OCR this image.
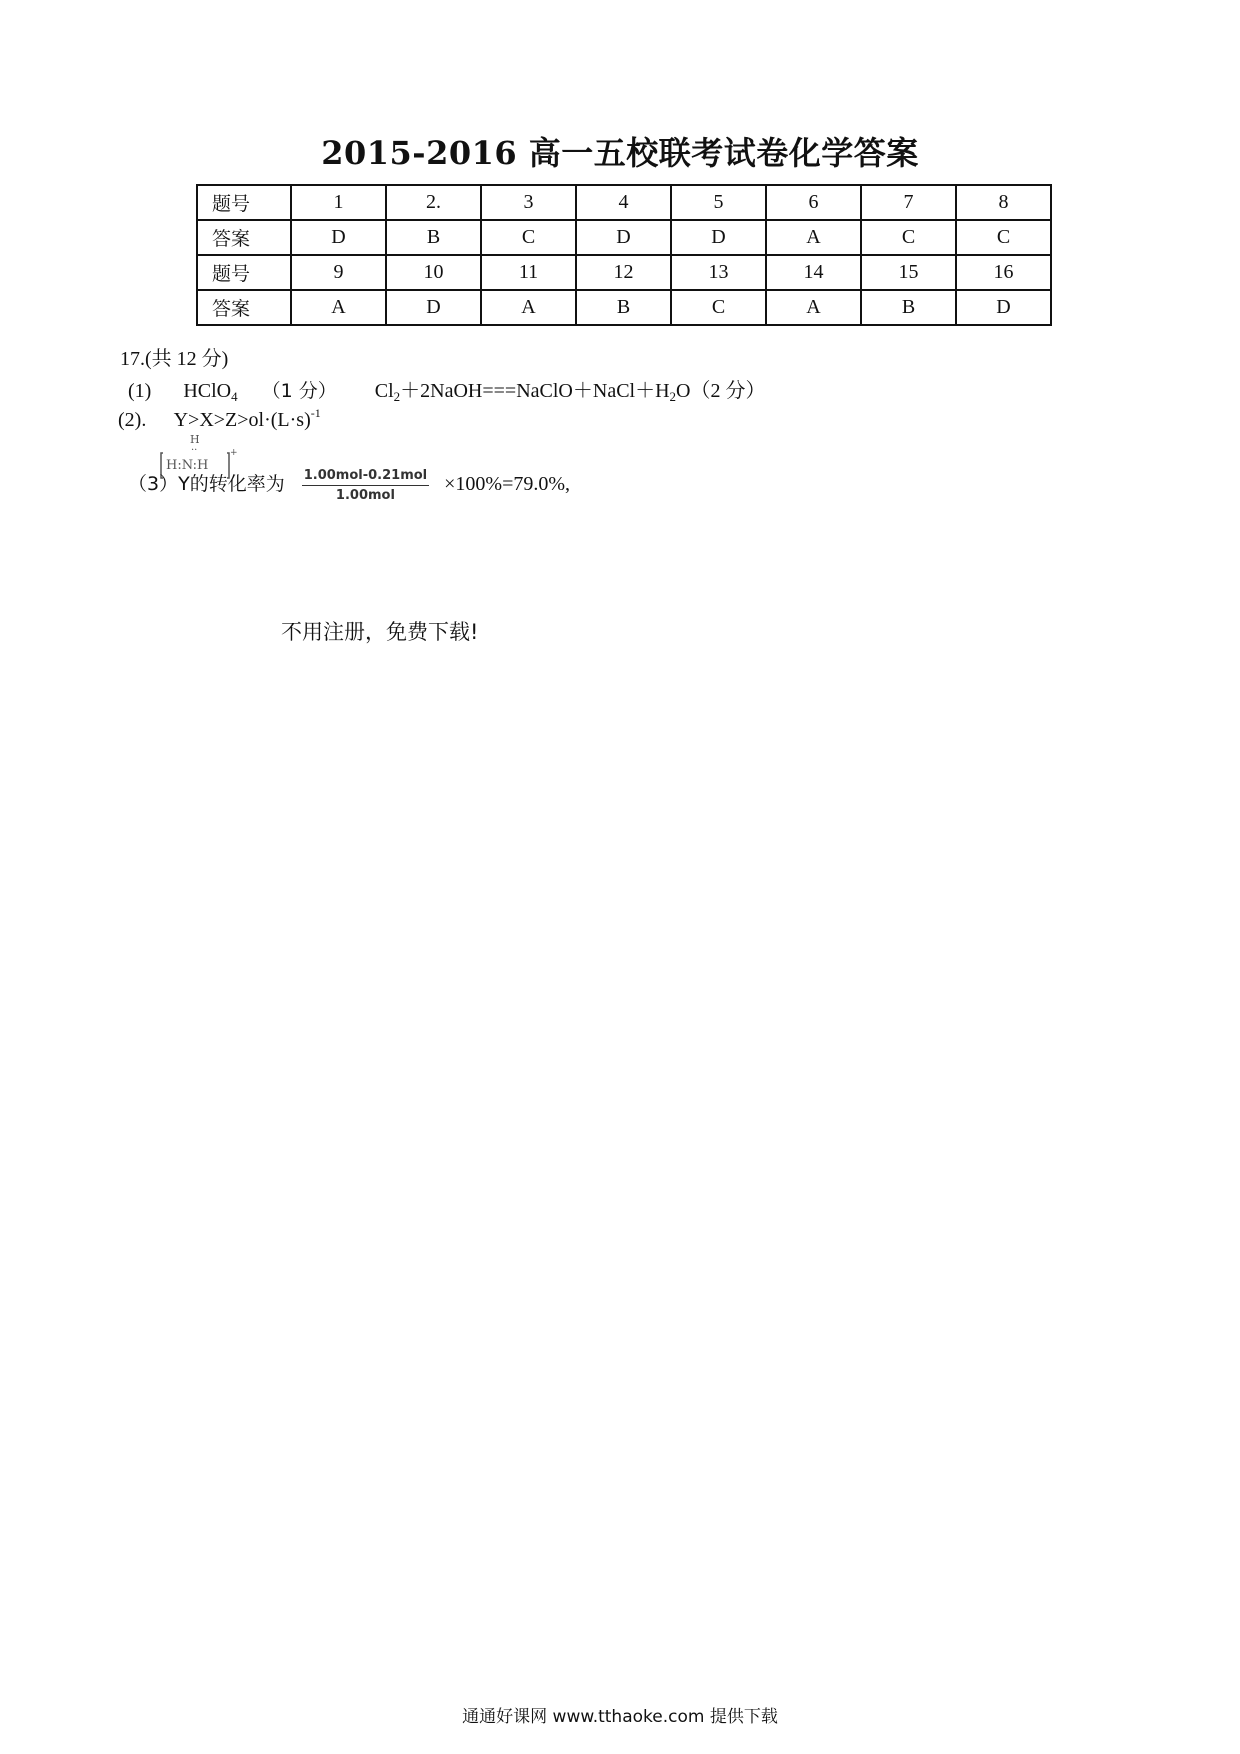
2015-2016 高一五校联考试卷化学答案
题号	1	2.	3	4	5	6	7	8
答案	D	B	C	D	D	A	C	C
题号	9	10	11	12	13	14	15	16
答案	A	D	A	B	C	A	B	D
17.(共 12 分)
(1) HClO$_4$ （1 分） $Cl_2+2NaOH===NaClO+NaCl+H_2O(2$ 分）
(2). $Y>X>Z>ol\cdot(L\cdot s)^{-1}$
H
··
H:N:H
+
（3）Y的转化率为 $\frac{\text{1.00mol-0.21mol}}{\text{1.00mol}} \times 100\%=79.0\%$,
不用注册，免费下载!
通通好课网 www.tthaoke.com 提供下载
